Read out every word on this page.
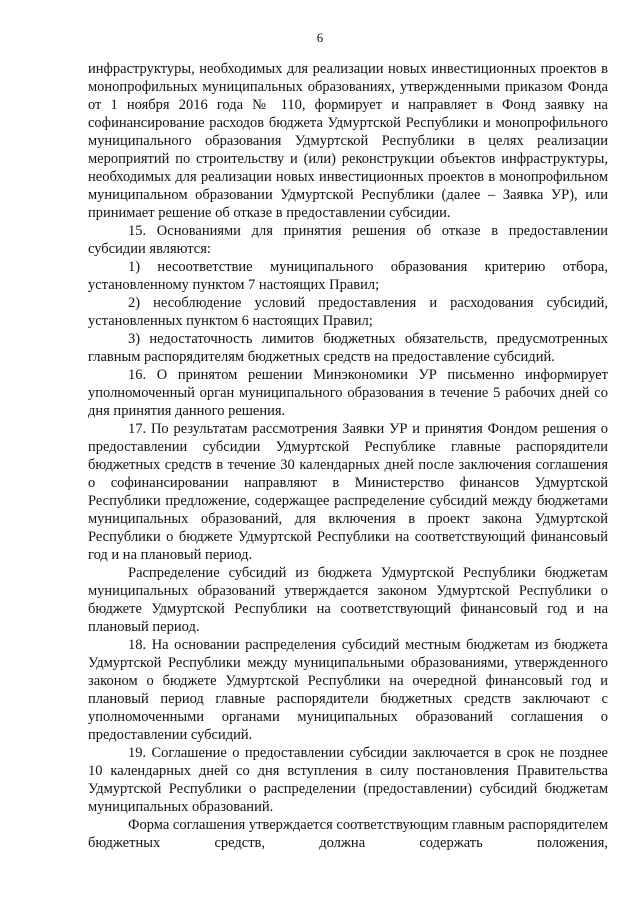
6

инфраструктуры, необходимых для реализации новых инвестиционных проектов в монопрофильных муниципальных образованиях, утвержденными приказом Фонда от 1 ноября 2016 года № 110, формирует и направляет в Фонд заявку на софинансирование расходов бюджета Удмуртской Республики и монопрофильного муниципального образования Удмуртской Республики в целях реализации мероприятий по строительству и (или) реконструкции объектов инфраструктуры, необходимых для реализации новых инвестиционных проектов в монопрофильном муниципальном образовании Удмуртской Республики (далее – Заявка УР), или принимает решение об отказе в предоставлении субсидии.

15. Основаниями для принятия решения об отказе в предоставлении субсидии являются:

1) несоответствие муниципального образования критерию отбора, установленному пунктом 7 настоящих Правил;

2) несоблюдение условий предоставления и расходования субсидий, установленных пунктом 6 настоящих Правил;

3) недостаточность лимитов бюджетных обязательств, предусмотренных главным распорядителям бюджетных средств на предоставление субсидий.

16. О принятом решении Минэкономики УР письменно информирует уполномоченный орган муниципального образования в течение 5 рабочих дней со дня принятия данного решения.

17. По результатам рассмотрения Заявки УР и принятия Фондом решения о предоставлении субсидии Удмуртской Республике главные распорядители бюджетных средств в течение 30 календарных дней после заключения соглашения о софинансировании направляют в Министерство финансов Удмуртской Республики предложение, содержащее распределение субсидий между бюджетами муниципальных образований, для включения в проект закона Удмуртской Республики о бюджете Удмуртской Республики на соответствующий финансовый год и на плановый период.

Распределение субсидий из бюджета Удмуртской Республики бюджетам муниципальных образований утверждается законом Удмуртской Республики о бюджете Удмуртской Республики на соответствующий финансовый год и на плановый период.

18. На основании распределения субсидий местным бюджетам из бюджета Удмуртской Республики между муниципальными образованиями, утвержденного законом о бюджете Удмуртской Республики на очередной финансовый год и плановый период главные распорядители бюджетных средств заключают с уполномоченными органами муниципальных образований соглашения о предоставлении субсидий.

19. Соглашение о предоставлении субсидии заключается в срок не позднее 10 календарных дней со дня вступления в силу постановления Правительства Удмуртской Республики о распределении (предоставлении) субсидий бюджетам муниципальных образований.

Форма соглашения утверждается соответствующим главным распорядителем бюджетных средств, должна содержать положения,
